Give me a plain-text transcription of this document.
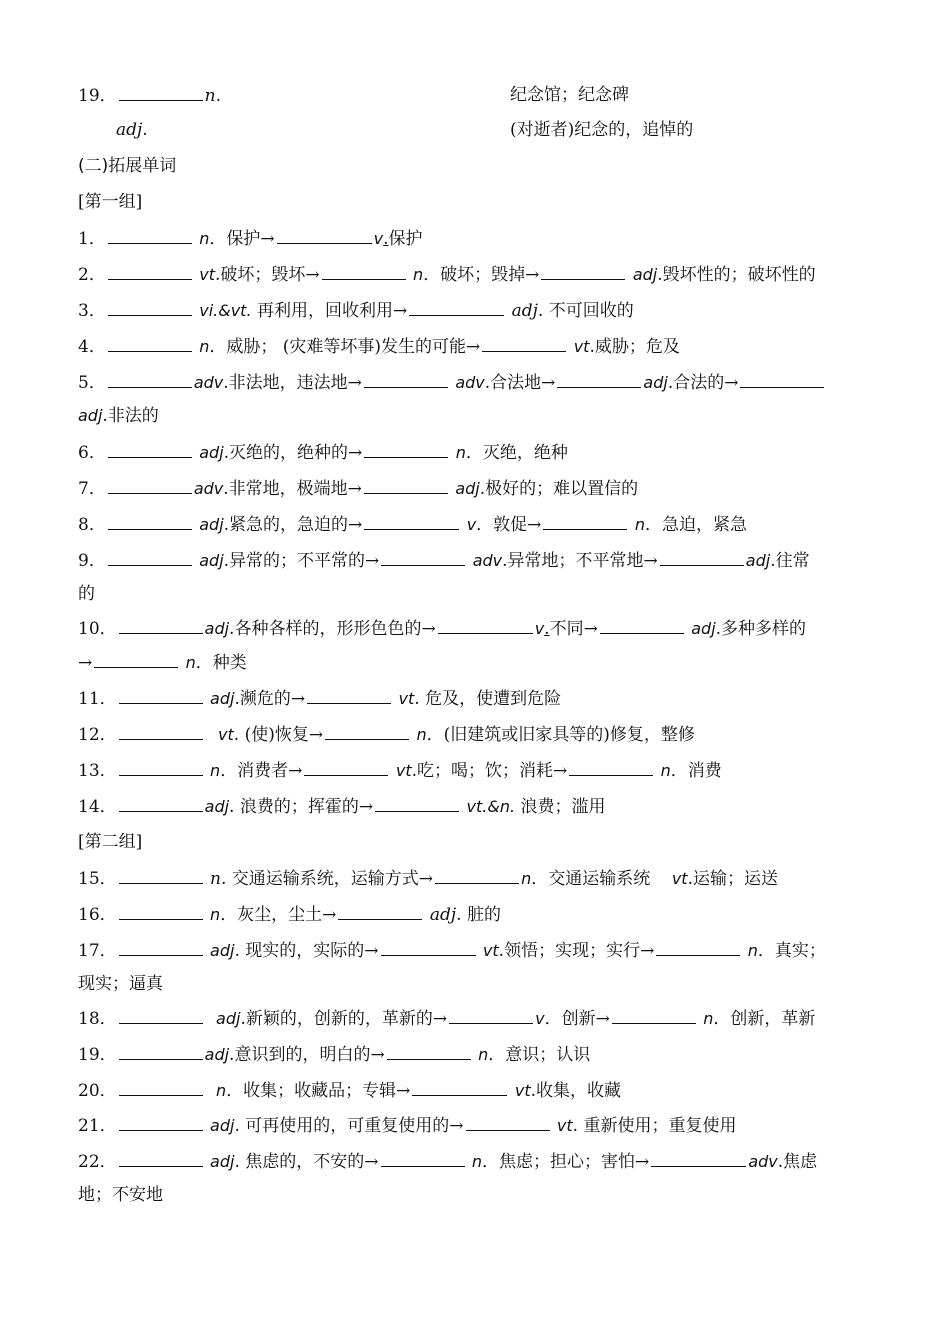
19．	n.	纪念馆；纪念碑
adj.	(对逝者)纪念的，追悼的
(二)拓展单词
[第一组]
1．	n．保护→	v.保护
2．	vt.破坏；毁坏→	n．破坏；毁掉→	adj.毁坏性的；破坏性的
3．	vi.&vt. 再利用，回收利用→	adj. 不可回收的
4．	n．威胁； (灾难等坏事)发生的可能→	vt.威胁；危及
5．	adv.非法地，违法地→	adv.合法地→	adj.合法的→
adj.非法的
6．	adj.灭绝的，绝种的→	n．灭绝，绝种
7．	adv.非常地，极端地→	adj.极好的；难以置信的
8．	adj.紧急的，急迫的→	v．敦促→	n．急迫，紧急
9．	adj.异常的；不平常的→	adv.异常地；不平常地→	adj.往常
的
10．	adj.各种各样的，形形色色的→	v.不同→	adj.多种多样的
→	n．种类
11．	adj.濒危的→	vt. 危及，使遭到危险
12．	vt. (使)恢复→	n．(旧建筑或旧家具等的)修复，整修
13．	n．消费者→	vt.吃；喝；饮；消耗→	n．消费
14．	adj. 浪费的；挥霍的→	vt.&n. 浪费；滥用
[第二组]
15．	n. 交通运输系统，运输方式→	n．交通运输系统    vt.运输；运送
16．	n．灰尘，尘土→	adj. 脏的
17．	adj. 现实的，实际的→	vt.领悟；实现；实行→	n．真实；
现实；逼真
18．	adj.新颖的，创新的，革新的→	v．创新→	n．创新，革新
19．	adj.意识到的，明白的→	n．意识；认识
20．	n．收集；收藏品；专辑→	vt.收集，收藏
21．	adj. 可再使用的，可重复使用的→	vt. 重新使用；重复使用
22．	adj. 焦虑的，不安的→	n．焦虑；担心；害怕→	adv.焦虑
地；不安地
